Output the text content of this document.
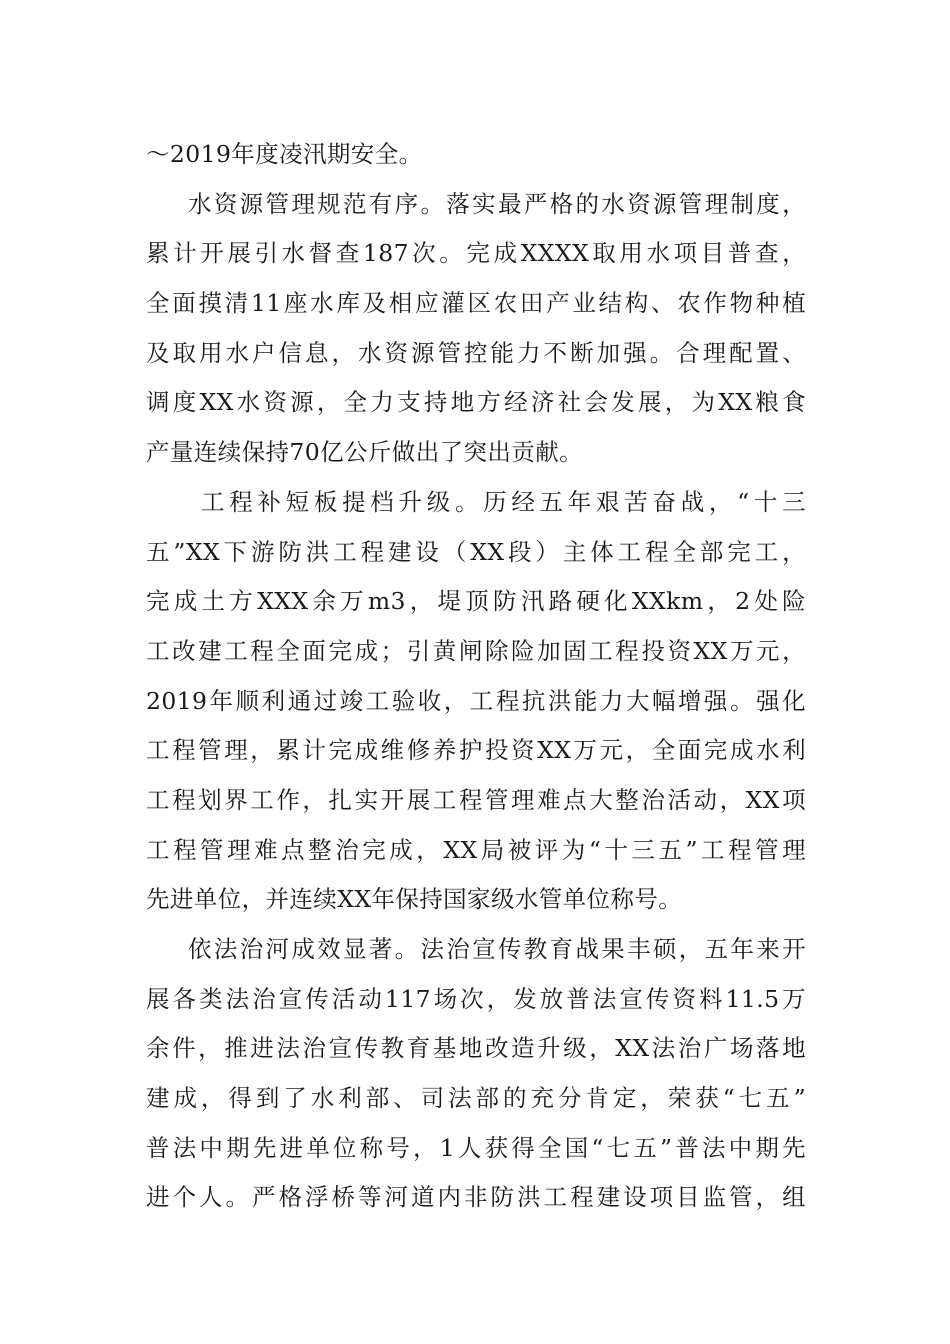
～2019年度凌汛期安全。
水资源管理规范有序。落实最严格的水资源管理制度，
累计开展引水督查187次。完成XXXX取用水项目普查，
全面摸清11座水库及相应灌区农田产业结构、农作物种植
及取用水户信息，水资源管控能力不断加强。合理配置、
调度XX水资源，全力支持地方经济社会发展，为XX粮食
产量连续保持70亿公斤做出了突出贡献。
工程补短板提档升级。历经五年艰苦奋战，“十三
五”XX下游防洪工程建设（XX段）主体工程全部完工，
完成土方XXX余万m3，堤顶防汛路硬化XXkm，2处险
工改建工程全面完成；引黄闸除险加固工程投资XX万元，
2019年顺利通过竣工验收，工程抗洪能力大幅增强。强化
工程管理，累计完成维修养护投资XX万元，全面完成水利
工程划界工作，扎实开展工程管理难点大整治活动，XX项
工程管理难点整治完成，XX局被评为“十三五”工程管理
先进单位，并连续XX年保持国家级水管单位称号。
依法治河成效显著。法治宣传教育战果丰硕，五年来开
展各类法治宣传活动117场次，发放普法宣传资料11.5万
余件，推进法治宣传教育基地改造升级，XX法治广场落地
建成，得到了水利部、司法部的充分肯定，荣获“七五”
普法中期先进单位称号，1人获得全国“七五”普法中期先
进个人。严格浮桥等河道内非防洪工程建设项目监管，组
